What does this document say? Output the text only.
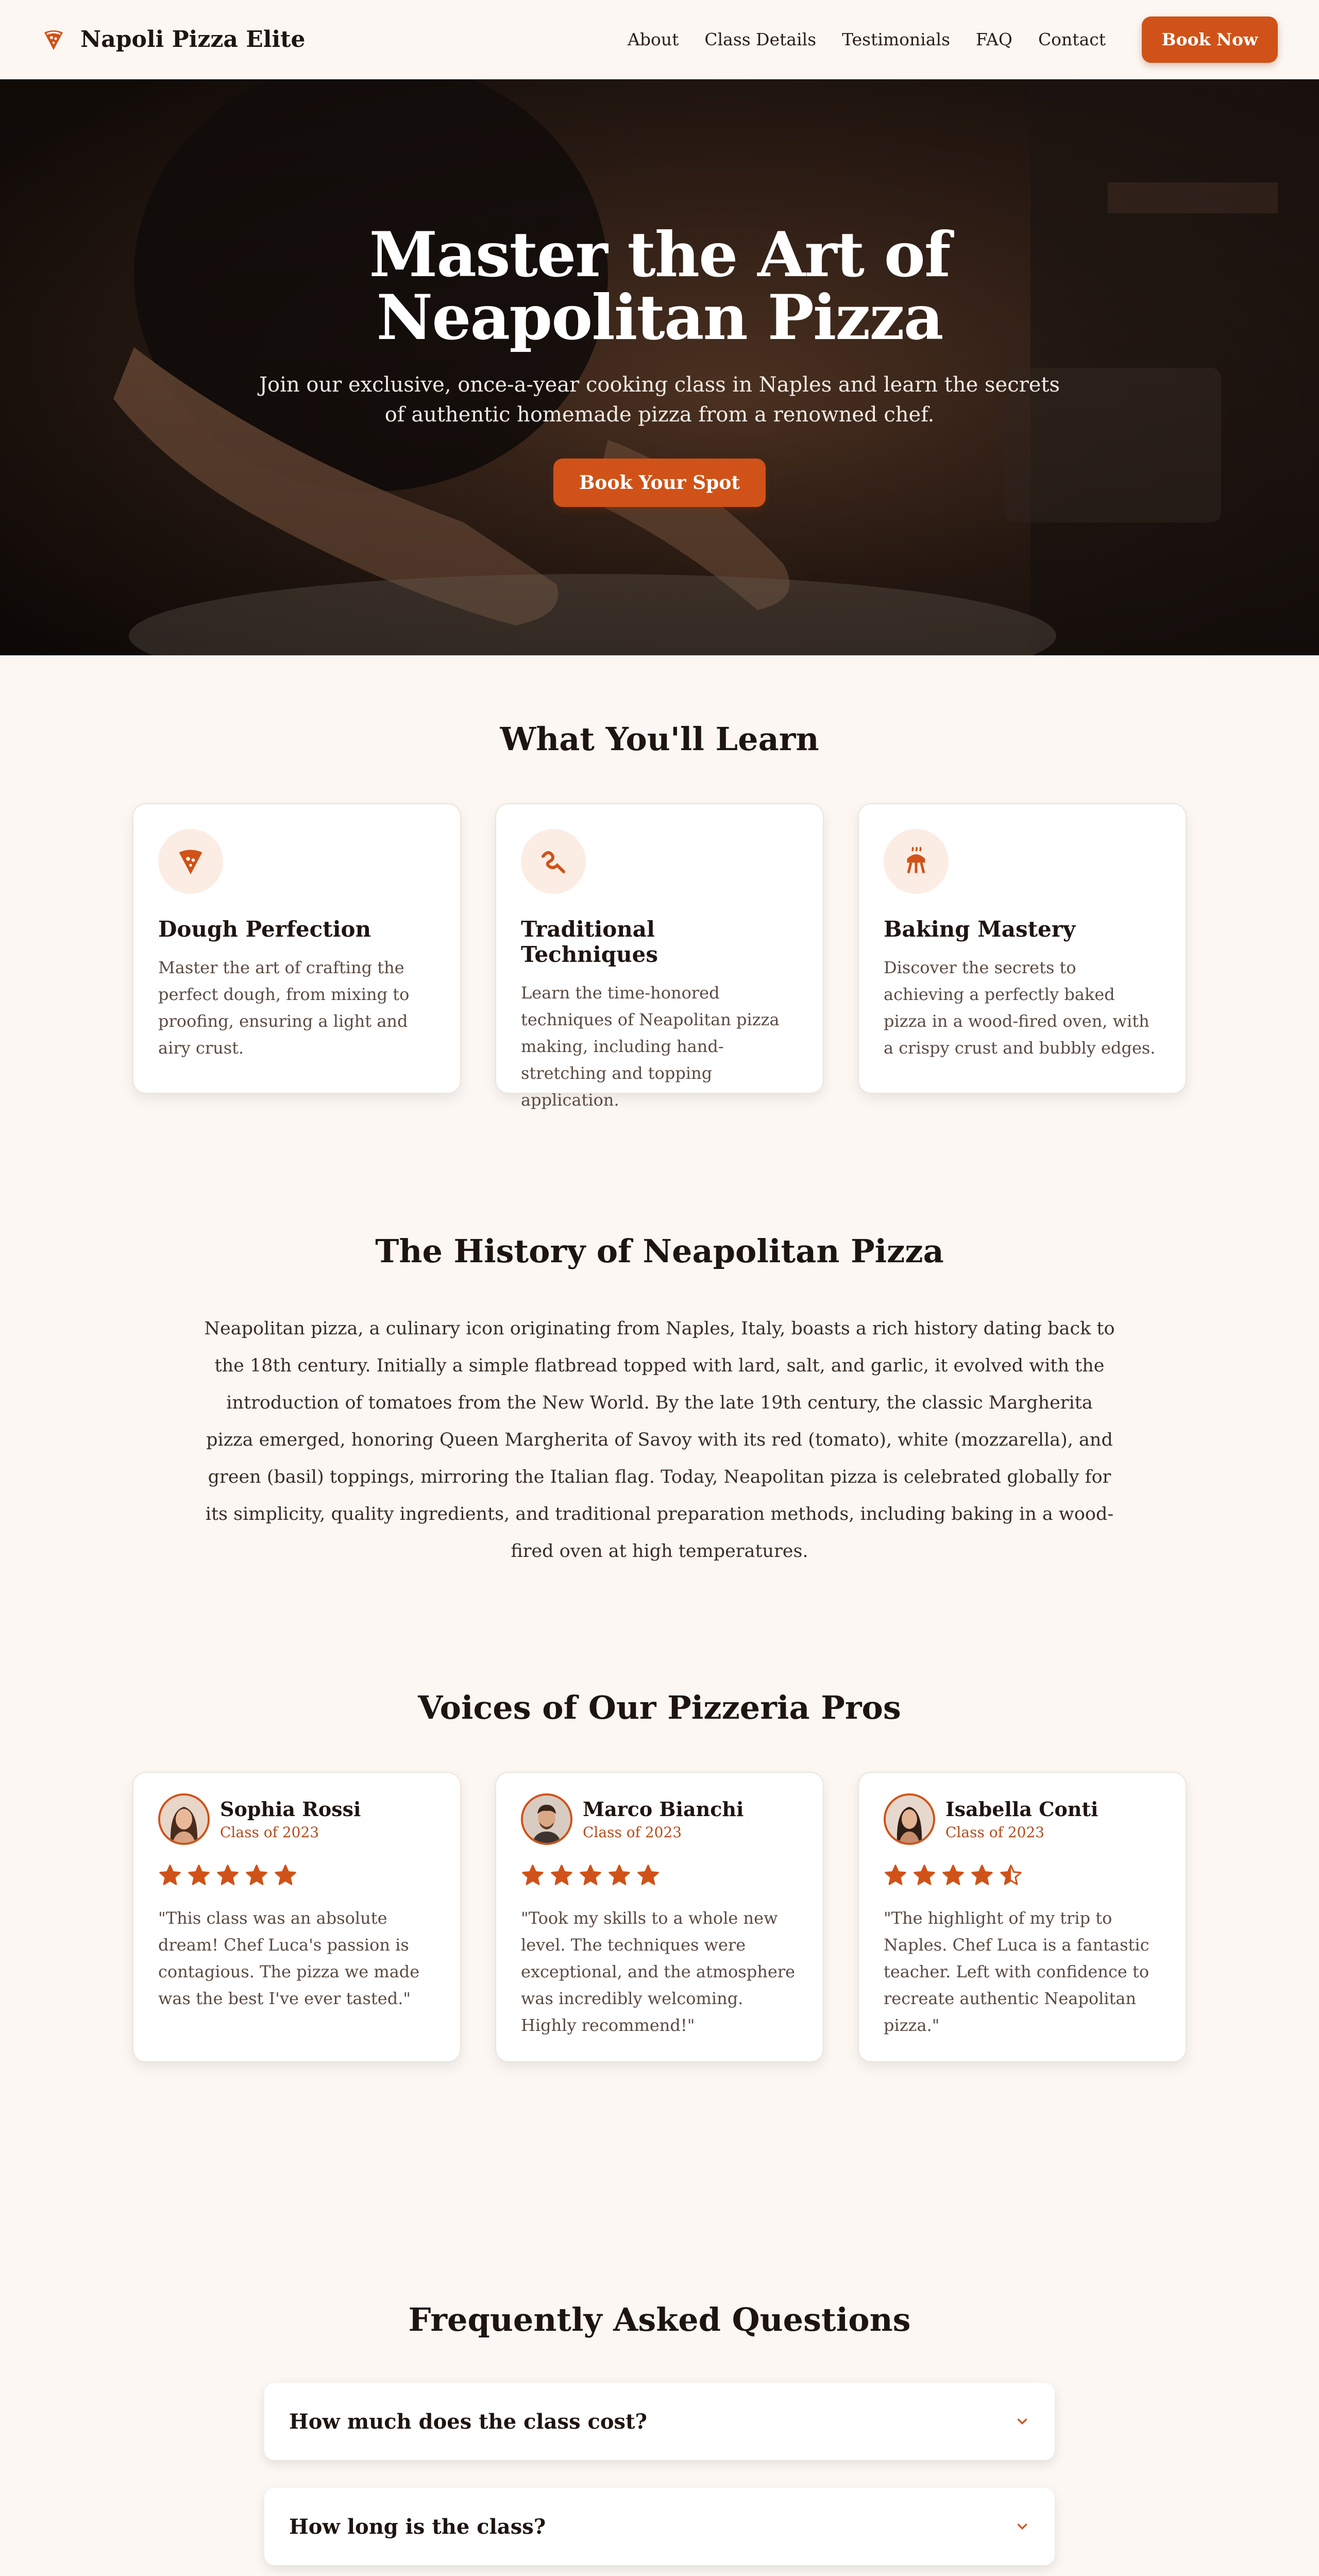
Napoli Pizza Elite	About Class Details Testimonials FAQ Contact	Book Now
Master the Art of
Neapolitan Pizza

Join our exclusive, once-a-year cooking class in Naples and learn the secrets of authentic homemade pizza from a renowned chef.

Book Your Spot
What You'll Learn
Dough Perfection

Master the art of crafting the perfect dough, from mixing to proofing, ensuring a light and airy crust.

Traditional Techniques

Learn the time-honored techniques of Neapolitan pizza making, including hand-stretching and topping application.

Baking Mastery

Discover the secrets to achieving a perfectly baked pizza in a wood-fired oven, with a crispy crust and bubbly edges.

The History of Neapolitan Pizza

Neapolitan pizza, a culinary icon originating from Naples, Italy, boasts a rich history dating back to the 18th century. Initially a simple flatbread topped with lard, salt, and garlic, it evolved with the introduction of tomatoes from the New World. By the late 19th century, the classic Margherita pizza emerged, honoring Queen Margherita of Savoy with its red (tomato), white (mozzarella), and green (basil) toppings, mirroring the Italian flag. Today, Neapolitan pizza is celebrated globally for its simplicity, quality ingredients, and traditional preparation methods, including baking in a wood-fired oven at high temperatures.

Voices of Our Pizzeria Pros
Sophia Rossi
Class of 2023

"This class was an absolute dream! Chef Luca's passion is contagious. The pizza we made was the best I've ever tasted."

Marco Bianchi
Class of 2023

"Took my skills to a whole new level. The techniques were exceptional, and the atmosphere was incredibly welcoming. Highly recommend!"

Isabella Conti
Class of 2023

"The highlight of my trip to Naples. Chef Luca is a fantastic teacher. Left with confidence to recreate authentic Neapolitan pizza."

Frequently Asked Questions
How much does the class cost?
How long is the class?
